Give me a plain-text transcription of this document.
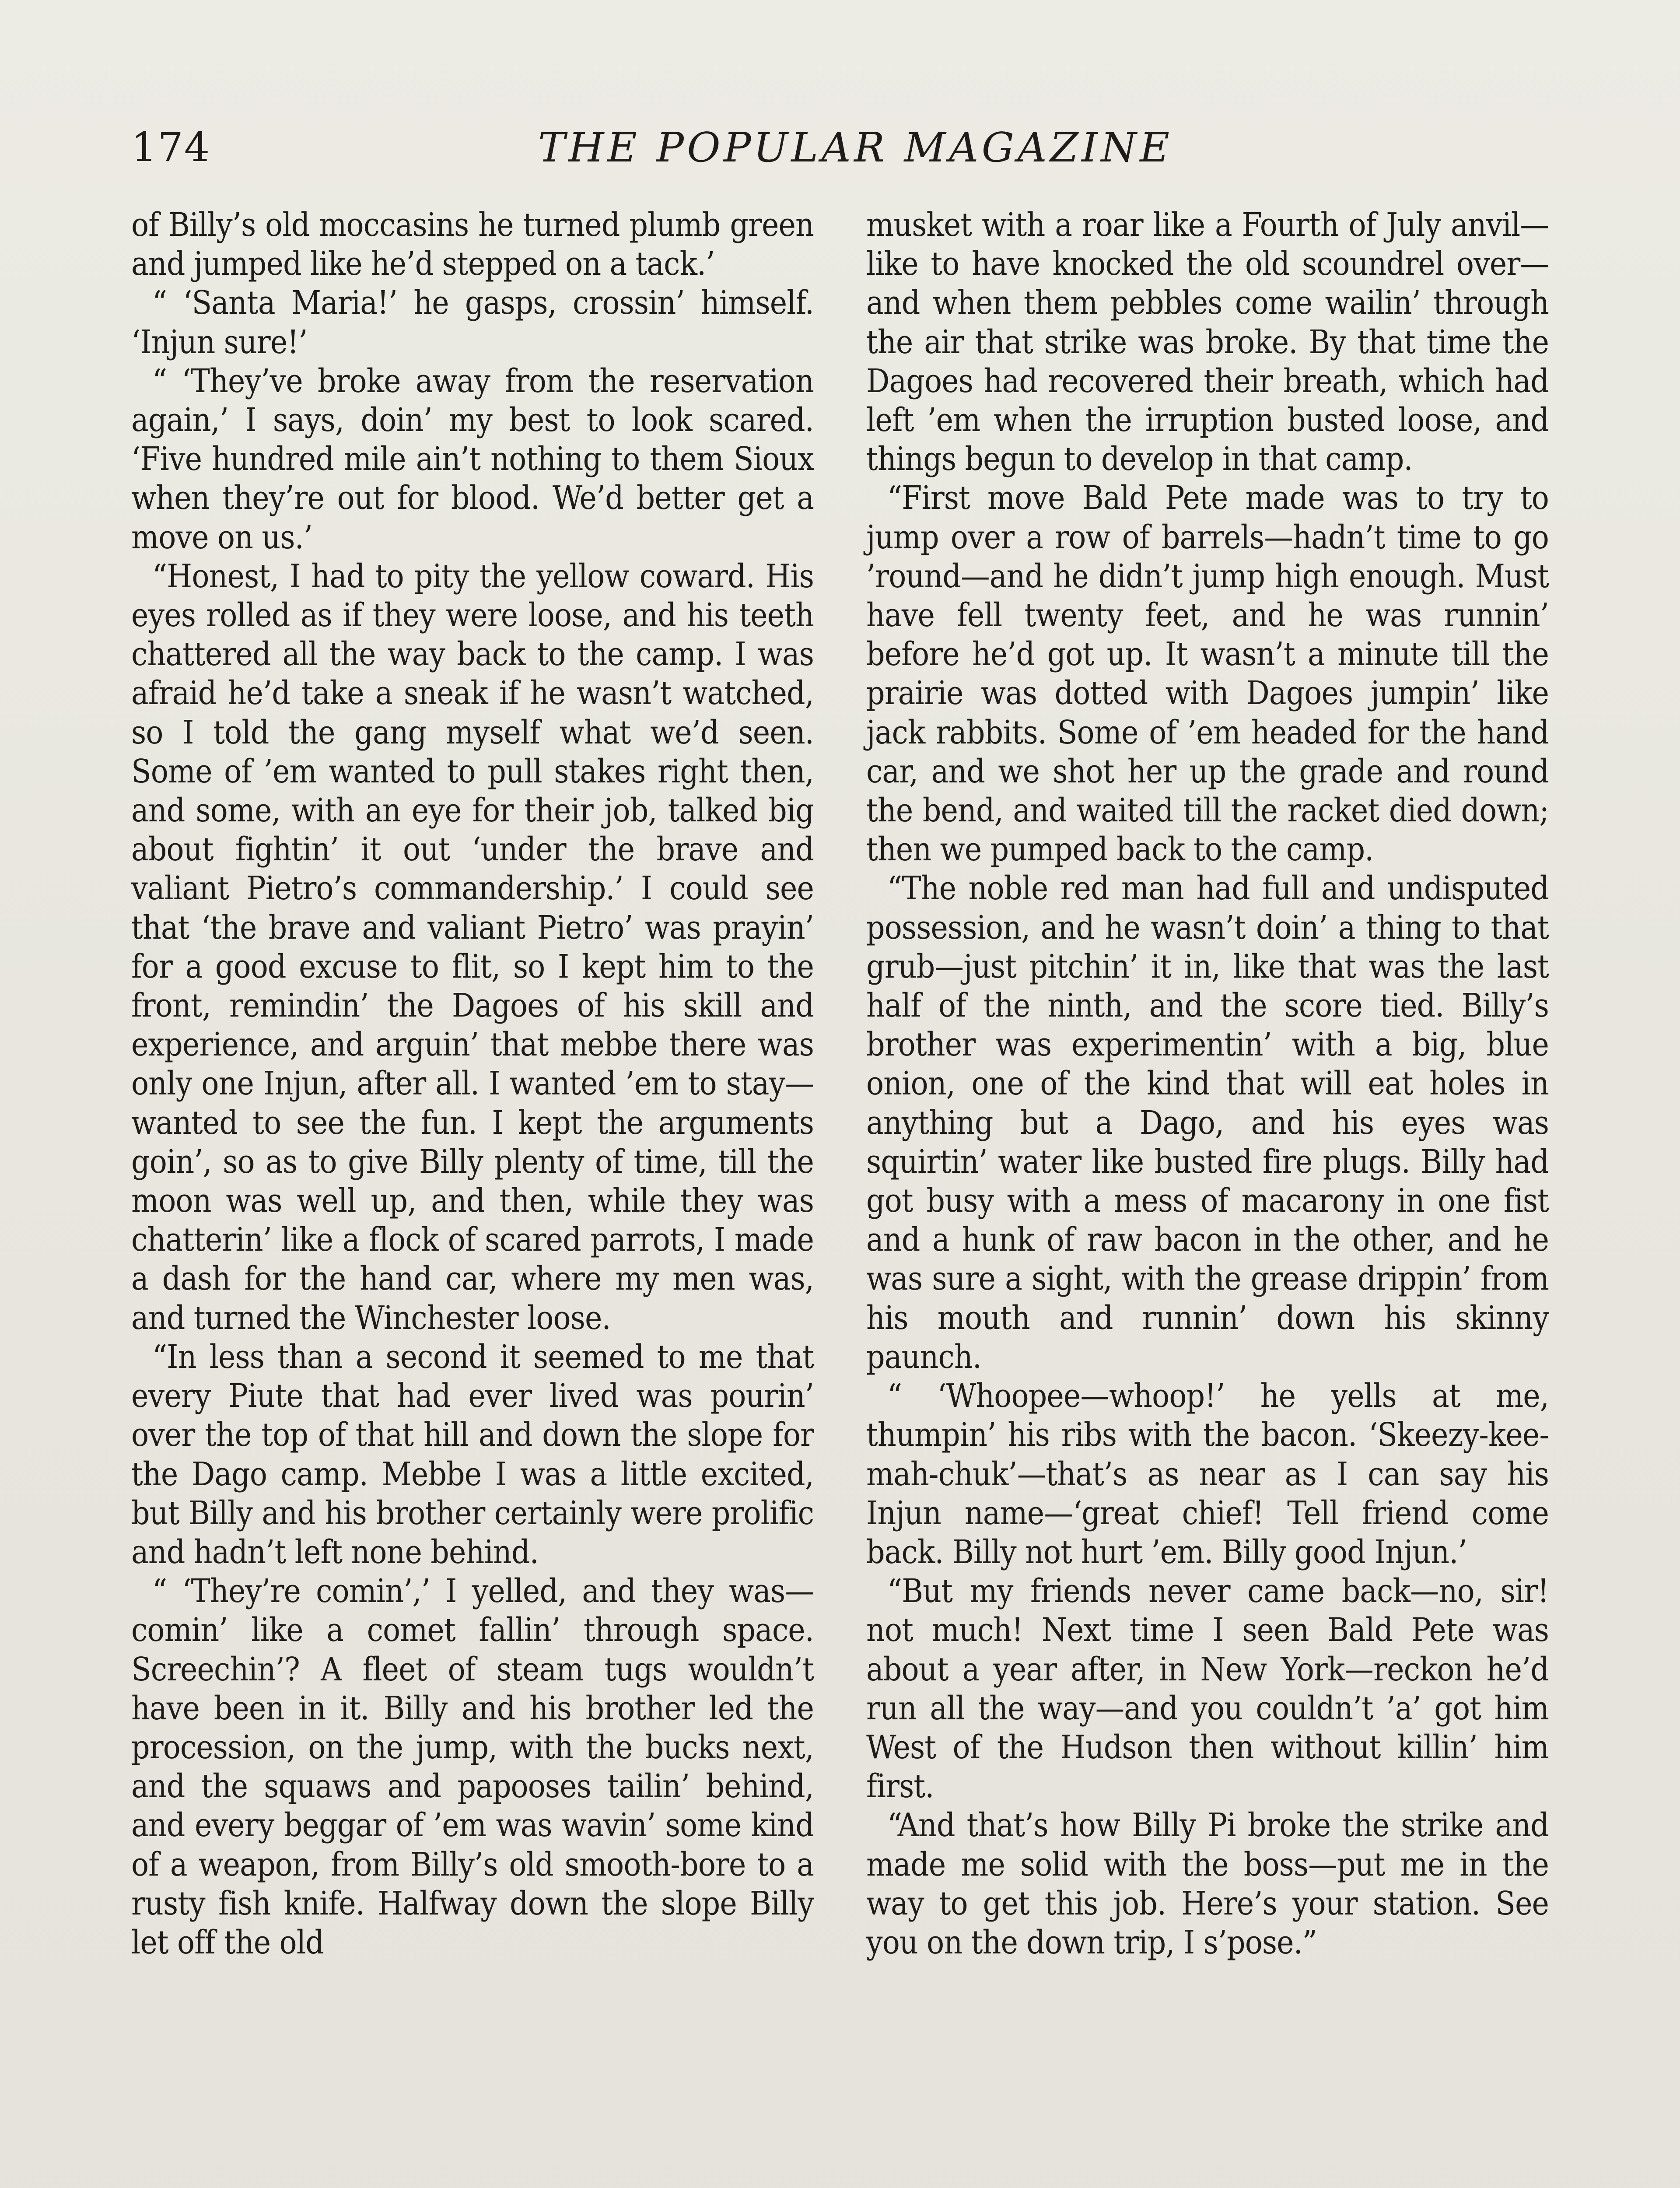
174	THE POPULAR MAGAZINE

of Billy’s old moccasins he turned plumb green and jumped like he’d stepped on a tack.’

“ ‘Santa Maria!’ he gasps, crossin’ himself. ‘Injun sure!’

“ ‘They’ve broke away from the reservation again,’ I says, doin’ my best to look scared. ‘Five hundred mile ain’t nothing to them Sioux when they’re out for blood. We’d better get a move on us.’

“Honest, I had to pity the yellow coward. His eyes rolled as if they were loose, and his teeth chattered all the way back to the camp. I was afraid he’d take a sneak if he wasn’t watched, so I told the gang myself what we’d seen. Some of ’em wanted to pull stakes right then, and some, with an eye for their job, talked big about fightin’ it out ‘under the brave and valiant Pietro’s commandership.’ I could see that ‘the brave and valiant Pietro’ was prayin’ for a good excuse to flit, so I kept him to the front, remindin’ the Dagoes of his skill and experience, and arguin’ that mebbe there was only one Injun, after all. I wanted ’em to stay—wanted to see the fun. I kept the arguments goin’, so as to give Billy plenty of time, till the moon was well up, and then, while they was chatterin’ like a flock of scared parrots, I made a dash for the hand car, where my men was, and turned the Winchester loose.

“In less than a second it seemed to me that every Piute that had ever lived was pourin’ over the top of that hill and down the slope for the Dago camp. Mebbe I was a little excited, but Billy and his brother certainly were prolific and hadn’t left none behind.

“ ‘They’re comin’,’ I yelled, and they was—comin’ like a comet fallin’ through space. Screechin’? A fleet of steam tugs wouldn’t have been in it. Billy and his brother led the procession, on the jump, with the bucks next, and the squaws and papooses tailin’ behind, and every beggar of ’em was wavin’ some kind of a weapon, from Billy’s old smooth-bore to a rusty fish knife. Halfway down the slope Billy let off the old

musket with a roar like a Fourth of July anvil—like to have knocked the old scoundrel over—and when them pebbles come wailin’ through the air that strike was broke. By that time the Dagoes had recovered their breath, which had left ’em when the irruption busted loose, and things begun to develop in that camp.

“First move Bald Pete made was to try to jump over a row of barrels—hadn’t time to go ’round—and he didn’t jump high enough. Must have fell twenty feet, and he was runnin’ before he’d got up. It wasn’t a minute till the prairie was dotted with Dagoes jumpin’ like jack rabbits. Some of ’em headed for the hand car, and we shot her up the grade and round the bend, and waited till the racket died down; then we pumped back to the camp.

“The noble red man had full and undisputed possession, and he wasn’t doin’ a thing to that grub—just pitchin’ it in, like that was the last half of the ninth, and the score tied. Billy’s brother was experimentin’ with a big, blue onion, one of the kind that will eat holes in anything but a Dago, and his eyes was squirtin’ water like busted fire plugs. Billy had got busy with a mess of macarony in one fist and a hunk of raw bacon in the other, and he was sure a sight, with the grease drippin’ from his mouth and runnin’ down his skinny paunch.

“ ‘Whoopee—whoop!’ he yells at me, thumpin’ his ribs with the bacon. ‘Skeezy-kee-mah-chuk’—that’s as near as I can say his Injun name—‘great chief! Tell friend come back. Billy not hurt ’em. Billy good Injun.’

“But my friends never came back—no, sir! not much! Next time I seen Bald Pete was about a year after, in New York—reckon he’d run all the way—and you couldn’t ’a’ got him West of the Hudson then without killin’ him first.

“And that’s how Billy Pi broke the strike and made me solid with the boss—put me in the way to get this job. Here’s your station. See you on the down trip, I s’pose.”
